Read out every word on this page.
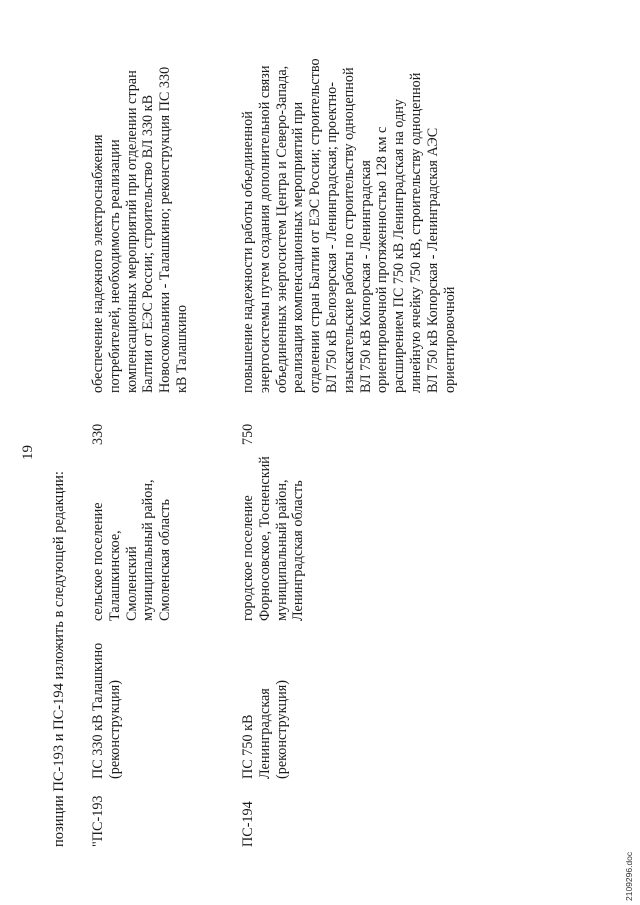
19
позиции ПС-193 и ПС-194 изложить в следующей редакции: "ПС-193	ПС 330 кВ Талашкино (реконструкция)	сельское поселение Талашкинское, Смоленский муниципальный район, Смоленская область	330	обеспечение надежного электроснабжения потребителей, необходимость реализации компенсационных мероприятий при отделении стран Балтии от ЕЭС России; строительство ВЛ 330 кВ Новосокольники - Талашкино; реконструкция ПС 330 кВ Талашкино
ПС-194	ПС 750 кВ Ленинградская (реконструкция)	городское поселение Форносовское, Тосненский муниципальный район, Ленинградская область	750	повышение надежности работы объединенной энергосистемы путем создания дополнительной связи объединенных энергосистем Центра и Северо-Запада, реализация компенсационных мероприятий при отделении стран Балтии от ЕЭС России; строительство ВЛ 750 кВ Белозерская - Ленинградская; проектно-изыскательские работы по строительству одноцепной ВЛ 750 кВ Копорская - Ленинградская ориентировочной протяженностью 128 км с расширением ПС 750 кВ Ленинградская на одну линейную ячейку 750 кВ, строительству одноцепной ВЛ 750 кВ Копорская - Ленинградская АЭС ориентировочной
2109296.doc
